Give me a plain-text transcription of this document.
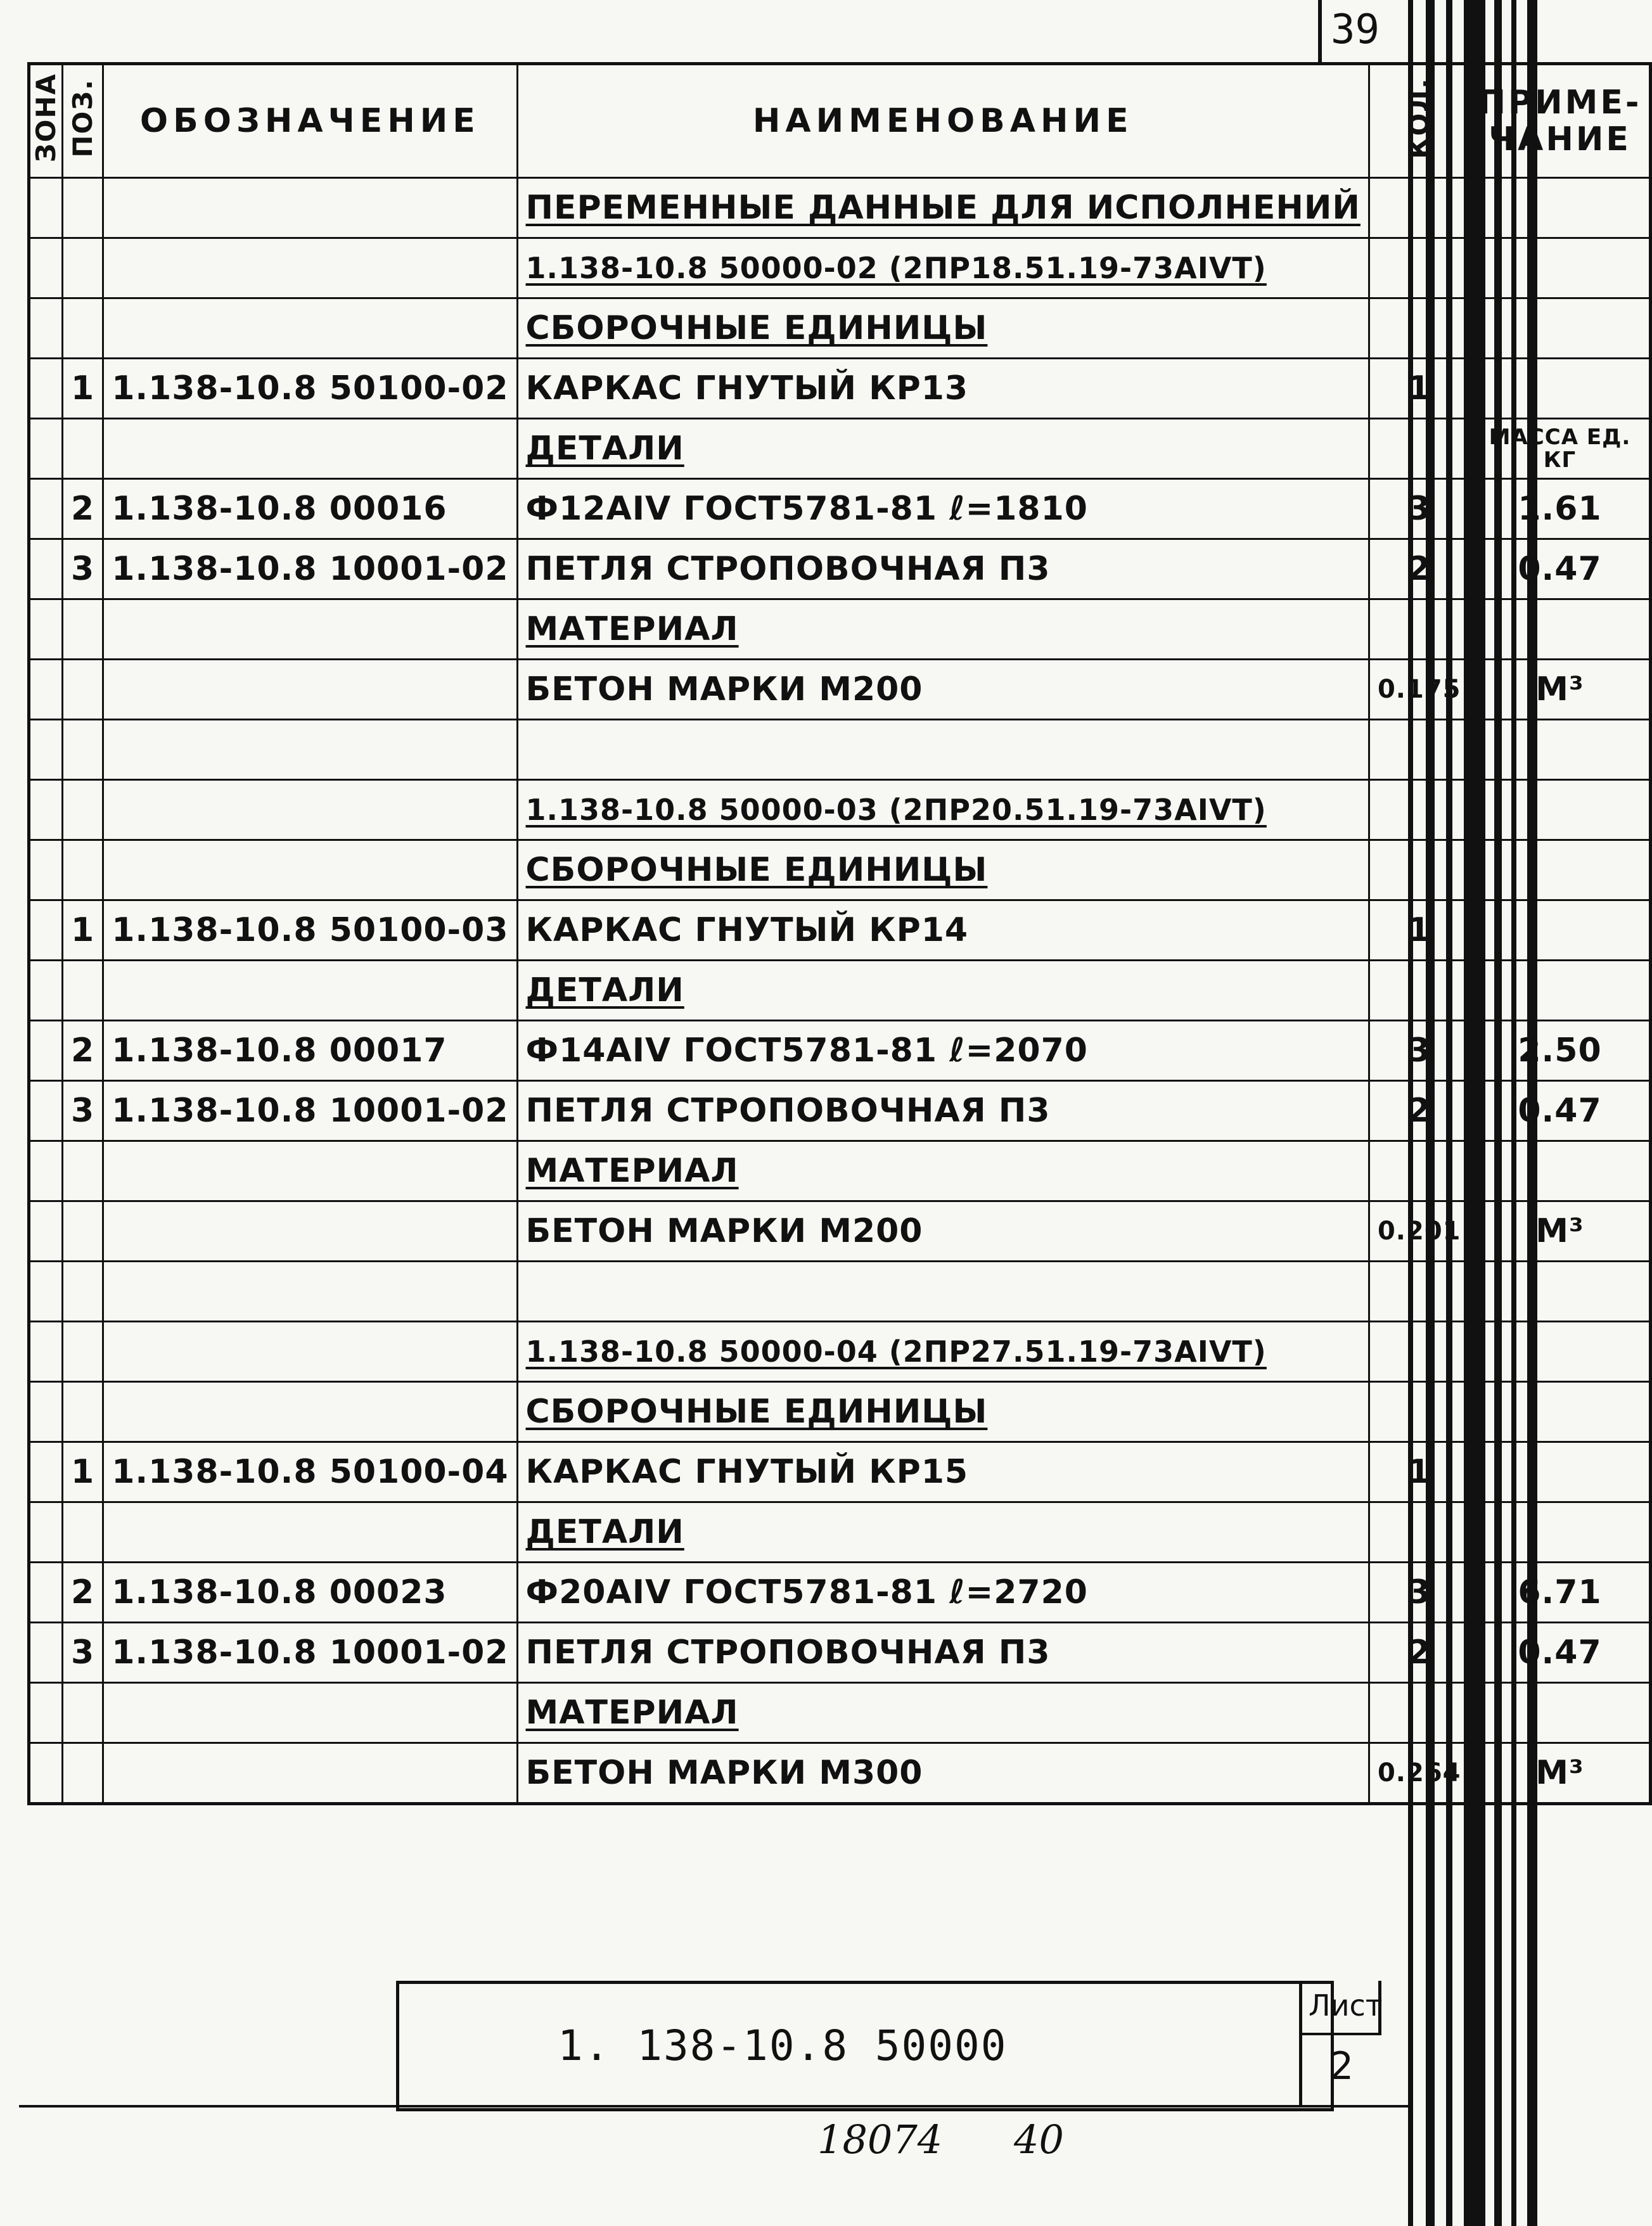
39
ЗОНА	ПОЗ.	ОБОЗНАЧЕНИЕ	НАИМЕНОВАНИЕ	КОЛ.	ПРИМЕ-ЧАНИЕ
			ПЕРЕМЕННЫЕ ДАННЫЕ ДЛЯ ИСПОЛНЕНИЙ		
			1.138-10.8 50000-02 (2ПР18.51.19-73AIVT)		
			СБОРОЧНЫЕ ЕДИНИЦЫ		
	1	1.138-10.8 50100-02	КАРКАС ГНУТЫЙ КР13	1	
			ДЕТАЛИ		МАССА ЕД. КГ
	2	1.138-10.8 00016	Ф12AIV ГОСТ5781-81 ℓ=1810	3	1.61
	3	1.138-10.8 10001-02	ПЕТЛЯ СТРОПОВОЧНАЯ П3	2	0.47
			МАТЕРИАЛ		
			БЕТОН МАРКИ М200	0.175	М³

			1.138-10.8 50000-03 (2ПР20.51.19-73AIVT)		
			СБОРОЧНЫЕ ЕДИНИЦЫ		
	1	1.138-10.8 50100-03	КАРКАС ГНУТЫЙ КР14	1	
			ДЕТАЛИ		
	2	1.138-10.8 00017	Ф14AIV ГОСТ5781-81 ℓ=2070	3	2.50
	3	1.138-10.8 10001-02	ПЕТЛЯ СТРОПОВОЧНАЯ П3	2	0.47
			МАТЕРИАЛ		
			БЕТОН МАРКИ М200	0.201	М³

			1.138-10.8 50000-04 (2ПР27.51.19-73AIVT)		
			СБОРОЧНЫЕ ЕДИНИЦЫ		
	1	1.138-10.8 50100-04	КАРКАС ГНУТЫЙ КР15	1	
			ДЕТАЛИ		
	2	1.138-10.8 00023	Ф20AIV ГОСТ5781-81 ℓ=2720	3	6.71
	3	1.138-10.8 10001-02	ПЕТЛЯ СТРОПОВОЧНАЯ П3	2	0.47
			МАТЕРИАЛ		
			БЕТОН МАРКИ М300	0.264	М³
1. 138-10.8 50000
Лист
2
18074 40
